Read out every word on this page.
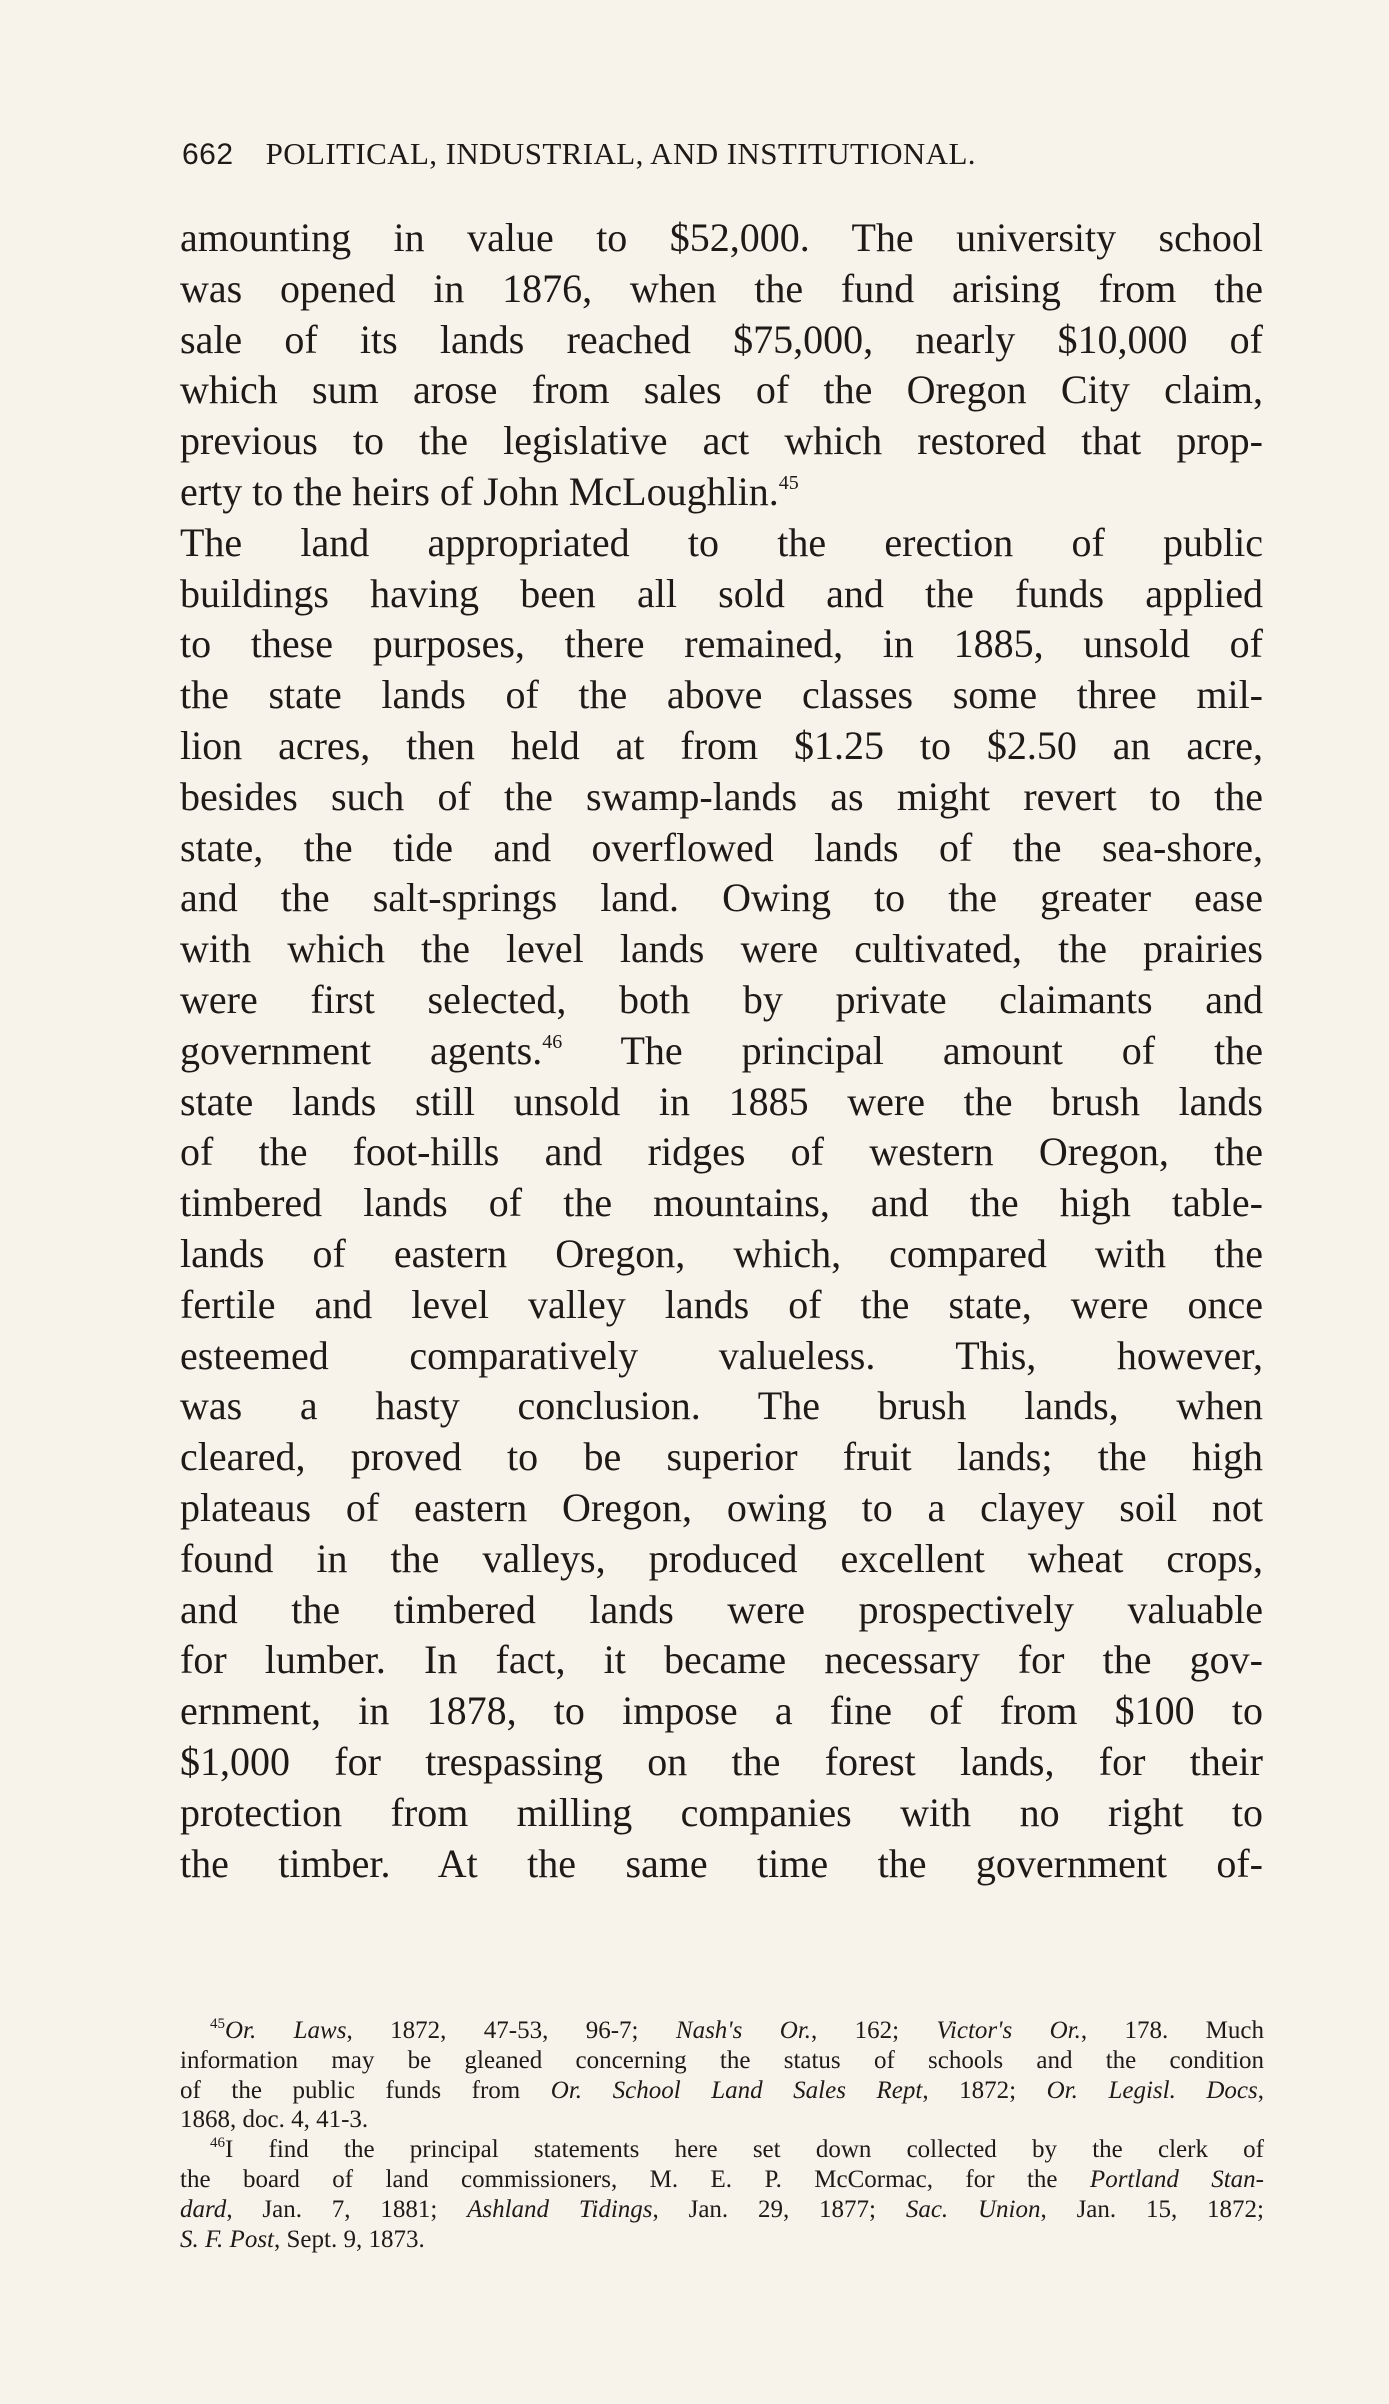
662 POLITICAL, INDUSTRIAL, AND INSTITUTIONAL.
amounting in value to $52,000. The university school
was opened in 1876, when the fund arising from the
sale of its lands reached $75,000, nearly $10,000 of
which sum arose from sales of the Oregon City claim,
previous to the legislative act which restored that prop-
erty to the heirs of John McLoughlin.$^{45}$
The land appropriated to the erection of public
buildings having been all sold and the funds applied
to these purposes, there remained, in 1885, unsold of
the state lands of the above classes some three mil-
lion acres, then held at from $1.25 to $2.50 an acre,
besides such of the swamp-lands as might revert to the
state, the tide and overflowed lands of the sea-shore,
and the salt-springs land. Owing to the greater ease
with which the level lands were cultivated, the prairies
were first selected, both by private claimants and
government agents.$^{46}$ The principal amount of the
state lands still unsold in 1885 were the brush lands
of the foot-hills and ridges of western Oregon, the
timbered lands of the mountains, and the high table-
lands of eastern Oregon, which, compared with the
fertile and level valley lands of the state, were once
esteemed comparatively valueless. This, however,
was a hasty conclusion. The brush lands, when
cleared, proved to be superior fruit lands; the high
plateaus of eastern Oregon, owing to a clayey soil not
found in the valleys, produced excellent wheat crops,
and the timbered lands were prospectively valuable
for lumber. In fact, it became necessary for the gov-
ernment, in 1878, to impose a fine of from $100 to
$1,000 for trespassing on the forest lands, for their
protection from milling companies with no right to
the timber. At the same time the government of-
$^{45}$Or. Laws, 1872, 47-53, 96-7; Nash's Or., 162; Victor's Or., 178. Much
information may be gleaned concerning the status of schools and the condition
of the public funds from Or. School Land Sales Rept, 1872; Or. Legisl. Docs,
1868, doc. 4, 41-3.
$^{46}$I find the principal statements here set down collected by the clerk of
the board of land commissioners, M. E. P. McCormac, for the Portland Stan-
dard, Jan. 7, 1881; Ashland Tidings, Jan. 29, 1877; Sac. Union, Jan. 15, 1872;
S. F. Post, Sept. 9, 1873.
